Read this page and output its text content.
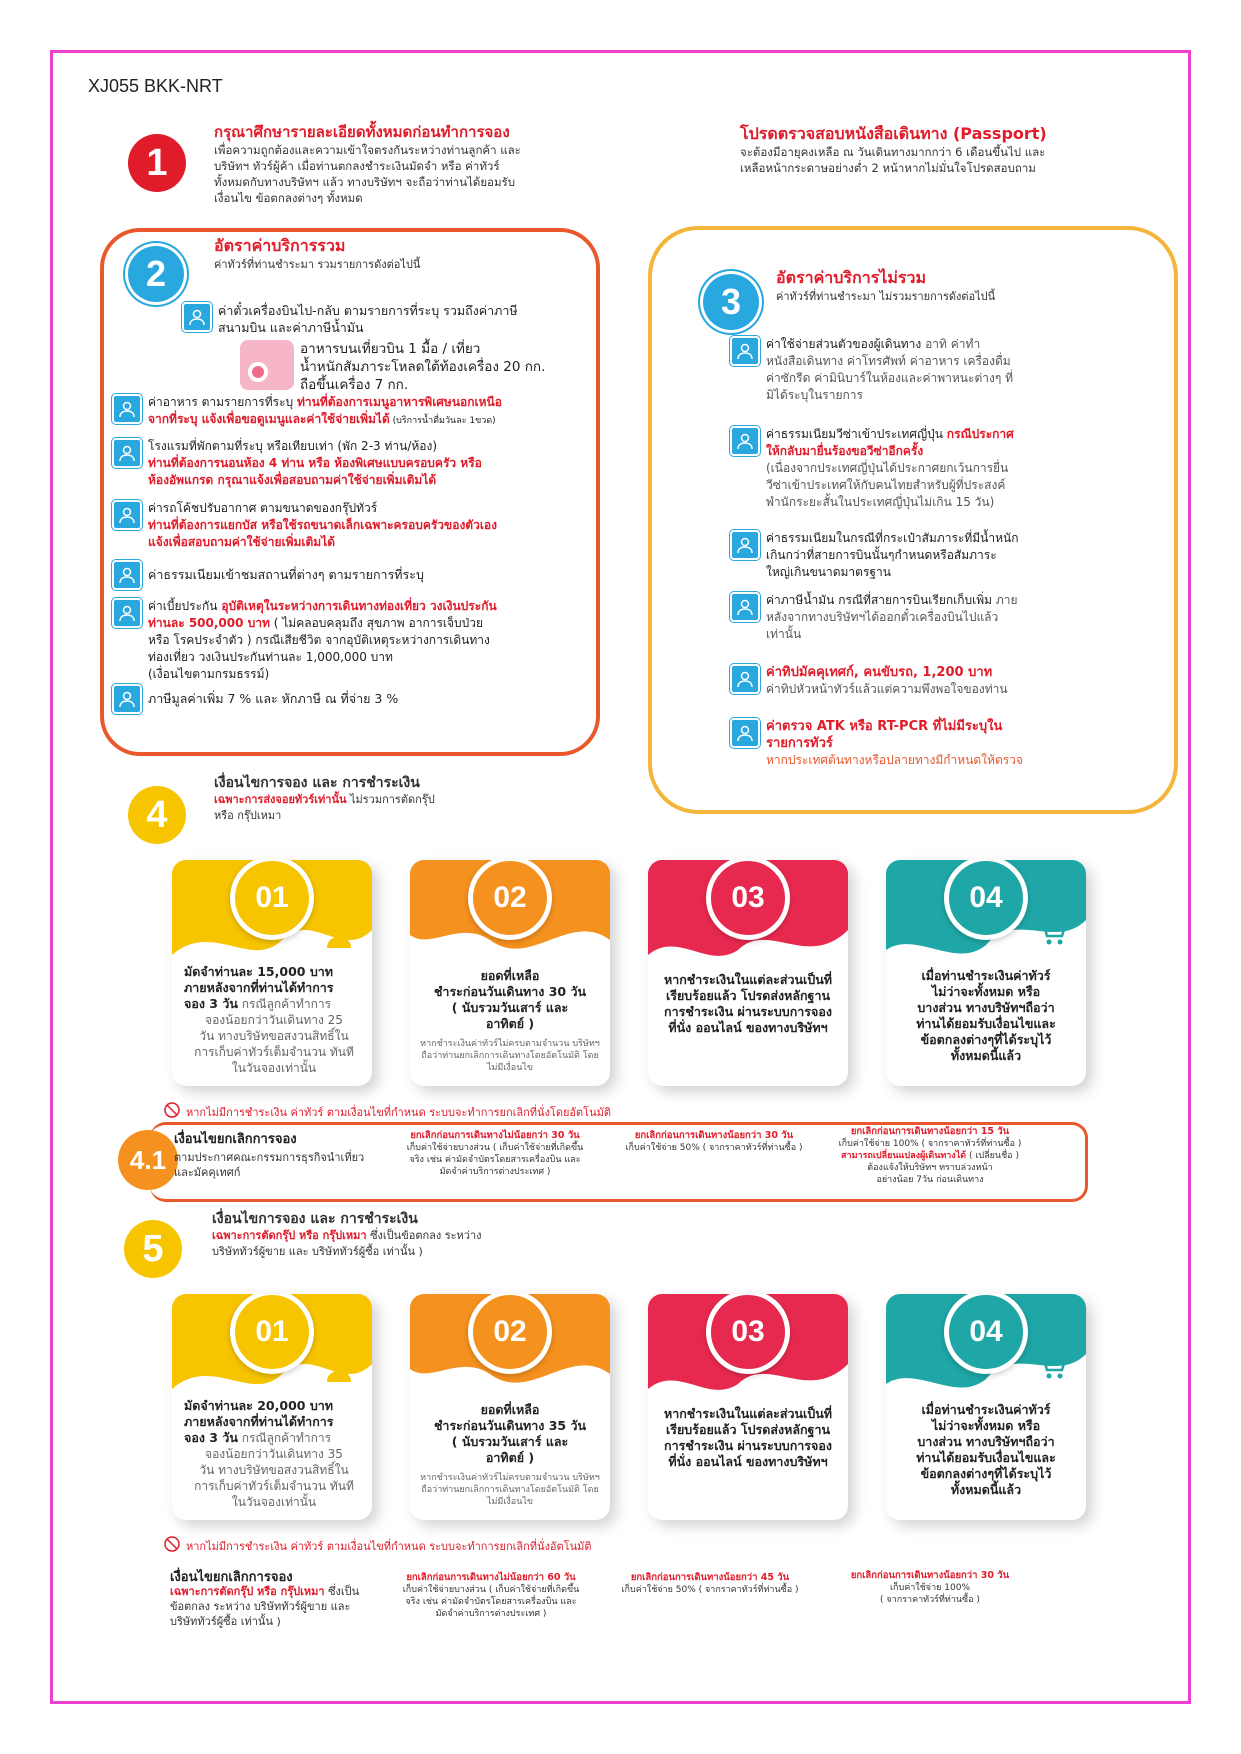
XJ055 BKK-NRT
1
กรุณาศึกษารายละเอียดทั้งหมดก่อนทำการจอง
เพื่อความถูกต้องและความเข้าใจตรงกันระหว่างท่านลูกค้า และ
บริษัทฯ ทัวร์ผู้ค้า เมื่อท่านตกลงชำระเงินมัดจำ หรือ ค่าทัวร์
ทั้งหมดกับทางบริษัทฯ แล้ว ทางบริษัทฯ จะถือว่าท่านได้ยอมรับ
เงื่อนไข ข้อตกลงต่างๆ ทั้งหมด
โปรดตรวจสอบหนังสือเดินทาง (Passport)
จะต้องมีอายุคงเหลือ ณ วันเดินทางมากกว่า 6 เดือนขึ้นไป และ
เหลือหน้ากระดาษอย่างต่ำ 2 หน้าหากไม่มั่นใจโปรดสอบถาม
2
อัตราค่าบริการรวม
ค่าทัวร์ที่ท่านชำระมา รวมรายการดังต่อไปนี้
ค่าตั๋วเครื่องบินไป-กลับ ตามรายการที่ระบุ รวมถึงค่าภาษี
สนามบิน และค่าภาษีน้ำมัน
อาหารบนเที่ยวบิน 1 มื้อ / เที่ยว
น้ำหนักสัมภาระโหลดใต้ท้องเครื่อง 20 กก.
ถือขึ้นเครื่อง 7 กก.
ค่าอาหาร ตามรายการที่ระบุ ท่านที่ต้องการเมนูอาหารพิเศษนอกเหนือ
จากที่ระบุ แจ้งเพื่อขอดูเมนูและค่าใช้จ่ายเพิ่มได้ (บริการน้ำดื่มวันละ 1ขวด)
โรงแรมที่พักตามที่ระบุ หรือเทียบเท่า (พัก 2-3 ท่าน/ห้อง)
ท่านที่ต้องการนอนห้อง 4 ท่าน หรือ ห้องพิเศษแบบครอบครัว หรือ
ห้องอัพแกรด กรุณาแจ้งเพื่อสอบถามค่าใช้จ่ายเพิ่มเติมได้
ค่ารถโค้ชปรับอากาศ ตามขนาดของกรุ๊ปทัวร์
ท่านที่ต้องการแยกบัส หรือใช้รถขนาดเล็กเฉพาะครอบครัวของตัวเอง
แจ้งเพื่อสอบถามค่าใช้จ่ายเพิ่มเติมได้
ค่าธรรมเนียมเข้าชมสถานที่ต่างๆ ตามรายการที่ระบุ
ค่าเบี้ยประกัน อุบัติเหตุในระหว่างการเดินทางท่องเที่ยว วงเงินประกัน
ท่านละ 500,000 บาท ( ไม่คลอบคลุมถึง สุขภาพ อาการเจ็บป่วย
หรือ โรคประจำตัว ) กรณีเสียชีวิต จากอุบัติเหตุระหว่างการเดินทาง
ท่องเที่ยว วงเงินประกันท่านละ 1,000,000 บาท
(เงื่อนไขตามกรมธรรม์)
ภาษีมูลค่าเพิ่ม 7 % และ หักภาษี ณ ที่จ่าย 3 %
3
อัตราค่าบริการไม่รวม
ค่าทัวร์ที่ท่านชำระมา ไม่รวมรายการดังต่อไปนี้
ค่าใช้จ่ายส่วนตัวของผู้เดินทาง อาทิ ค่าทำ
หนังสือเดินทาง ค่าโทรศัพท์ ค่าอาหาร เครื่องดื่ม
ค่าซักรีด ค่ามินิบาร์ในห้องและค่าพาหนะต่างๆ ที่
มิได้ระบุในรายการ
ค่าธรรมเนียมวีซ่าเข้าประเทศญี่ปุ่น กรณีประกาศ
ให้กลับมายื่นร้องขอวีซ่าอีกครั้ง
(เนื่องจากประเทศญี่ปุ่นได้ประกาศยกเว้นการยื่น
วีซ่าเข้าประเทศให้กับคนไทยสำหรับผู้ที่ประสงค์
พำนักระยะสั้นในประเทศญี่ปุ่นไม่เกิน 15 วัน)
ค่าธรรมเนียมในกรณีที่กระเป๋าสัมภาระที่มีน้ำหนัก
เกินกว่าที่สายการบินนั้นๆกำหนดหรือสัมภาระ
ใหญ่เกินขนาดมาตรฐาน
ค่าภาษีน้ำมัน กรณีที่สายการบินเรียกเก็บเพิ่ม ภาย
หลังจากทางบริษัทฯได้ออกตั๋วเครื่องบินไปแล้ว
เท่านั้น
ค่าทิปมัคคุเทศก์, คนขับรถ, 1,200 บาท
ค่าทิปหัวหน้าทัวร์แล้วแต่ความพึงพอใจของท่าน
ค่าตรวจ ATK หรือ RT-PCR ที่ไม่มีระบุใน
รายการทัวร์
หากประเทศต้นทางหรือปลายทางมีกำหนดให้ตรวจ
4
เงื่อนไขการจอง และ การชำระเงิน
เฉพาะการส่งจอยทัวร์เท่านั้น ไม่รวมการตัดกรุ๊ป
หรือ กรุ๊ปเหมา
01
มัดจำท่านละ 15,000 บาท
ภายหลังจากที่ท่านได้ทำการ
จอง 3 วัน กรณีลูกค้าทำการ
จองน้อยกว่าวันเดินทาง 25
วัน ทางบริษัทขอสงวนสิทธิ์ใน
การเก็บค่าทัวร์เต็มจำนวน ทันที
ในวันจองเท่านั้น
02
ยอดที่เหลือ
ชำระก่อนวันเดินทาง 30 วัน
( นับรวมวันเสาร์ และ
อาทิตย์ )
หากชำระเงินค่าทัวร์ไม่ครบตามจำนวน บริษัทฯถือว่าท่านยกเลิกการเดินทางโดยอัตโนมัติ โดยไม่มีเงื่อนไข
03
หากชำระเงินในแต่ละส่วนเป็นที่
เรียบร้อยแล้ว โปรดส่งหลักฐาน
การชำระเงิน ผ่านระบบการจอง
ที่นั่ง ออนไลน์ ของทางบริษัทฯ
04
เมื่อท่านชำระเงินค่าทัวร์
ไม่ว่าจะทั้งหมด หรือ
บางส่วน ทางบริษัทฯถือว่า
ท่านได้ยอมรับเงื่อนไขและ
ข้อตกลงต่างๆที่ได้ระบุไว้
ทั้งหมดนี้แล้ว
หากไม่มีการชำระเงิน ค่าทัวร์ ตามเงื่อนไขที่กำหนด ระบบจะทำการยกเลิกที่นั่งโดยอัตโนมัติ
4.1
เงื่อนไขยกเลิกการจอง
ตามประกาศคณะกรรมการธุรกิจนำเที่ยว
และมัคคุเทศก์
ยกเลิกก่อนการเดินทางไม่น้อยกว่า 30 วัน
เก็บค่าใช้จ่ายบางส่วน ( เก็บค่าใช้จ่ายที่เกิดขึ้น
จริง เช่น ค่ามัดจำบัตรโดยสารเครื่องบิน และ
มัดจำค่าบริการต่างประเทศ )
ยกเลิกก่อนการเดินทางน้อยกว่า 30 วัน
เก็บค่าใช้จ่าย 50% ( จากราคาทัวร์ที่ท่านซื้อ )
ยกเลิกก่อนการเดินทางน้อยกว่า 15 วัน
เก็บค่าใช้จ่าย 100% ( จากราคาทัวร์ที่ท่านซื้อ )
สามารถเปลี่ยนแปลงผู้เดินทางได้ ( เปลี่ยนชื่อ )
ต้องแจ้งให้บริษัทฯ ทราบล่วงหน้า
อย่างน้อย 7วัน ก่อนเดินทาง
5
เงื่อนไขการจอง และ การชำระเงิน
เฉพาะการตัดกรุ๊ป หรือ กรุ๊ปเหมา ซึ่งเป็นข้อตกลง ระหว่าง
บริษัททัวร์ผู้ขาย และ บริษัททัวร์ผู้ซื้อ เท่านั้น )
01
มัดจำท่านละ 20,000 บาท
ภายหลังจากที่ท่านได้ทำการ
จอง 3 วัน กรณีลูกค้าทำการ
จองน้อยกว่าวันเดินทาง 35
วัน ทางบริษัทขอสงวนสิทธิ์ใน
การเก็บค่าทัวร์เต็มจำนวน ทันที
ในวันจองเท่านั้น
02
ยอดที่เหลือ
ชำระก่อนวันเดินทาง 35 วัน
( นับรวมวันเสาร์ และ
อาทิตย์ )
หากชำระเงินค่าทัวร์ไม่ครบตามจำนวน บริษัทฯถือว่าท่านยกเลิกการเดินทางโดยอัตโนมัติ โดยไม่มีเงื่อนไข
03
หากชำระเงินในแต่ละส่วนเป็นที่
เรียบร้อยแล้ว โปรดส่งหลักฐาน
การชำระเงิน ผ่านระบบการจอง
ที่นั่ง ออนไลน์ ของทางบริษัทฯ
04
เมื่อท่านชำระเงินค่าทัวร์
ไม่ว่าจะทั้งหมด หรือ
บางส่วน ทางบริษัทฯถือว่า
ท่านได้ยอมรับเงื่อนไขและ
ข้อตกลงต่างๆที่ได้ระบุไว้
ทั้งหมดนี้แล้ว
หากไม่มีการชำระเงิน ค่าทัวร์ ตามเงื่อนไขที่กำหนด ระบบจะทำการยกเลิกที่นั่งอัตโนมัติ
เงื่อนไขยกเลิกการจอง
เฉพาะการตัดกรุ๊ป หรือ กรุ๊ปเหมา ซึ่งเป็น
ข้อตกลง ระหว่าง บริษัททัวร์ผู้ขาย และ
บริษัททัวร์ผู้ซื้อ เท่านั้น )
ยกเลิกก่อนการเดินทางไม่น้อยกว่า 60 วัน
เก็บค่าใช้จ่ายบางส่วน ( เก็บค่าใช้จ่ายที่เกิดขึ้น
จริง เช่น ค่ามัดจำบัตรโดยสารเครื่องบิน และ
มัดจำค่าบริการต่างประเทศ )
ยกเลิกก่อนการเดินทางน้อยกว่า 45 วัน
เก็บค่าใช้จ่าย 50% ( จากราคาทัวร์ที่ท่านซื้อ )
ยกเลิกก่อนการเดินทางน้อยกว่า 30 วัน
เก็บค่าใช้จ่าย 100%
( จากราคาทัวร์ที่ท่านซื้อ )
